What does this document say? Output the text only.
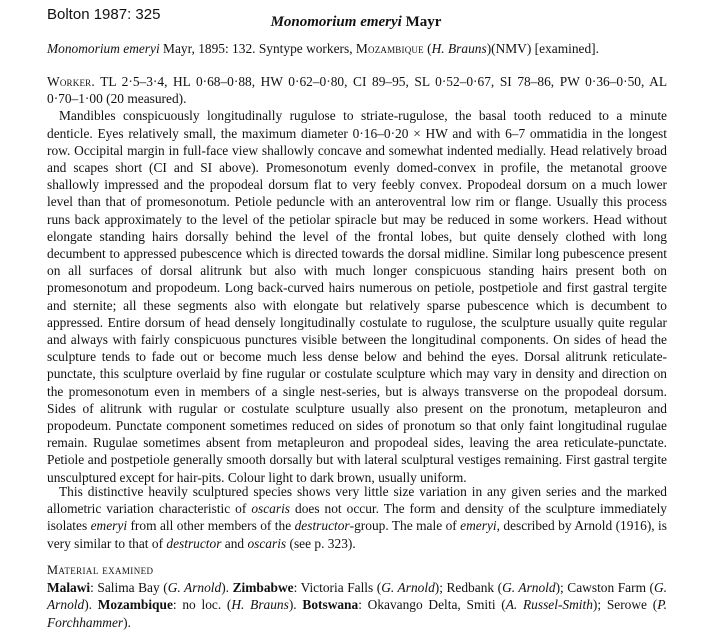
Bolton 1987: 325	Monomorium emeryi Mayr
Monomorium emeryi Mayr, 1895: 132. Syntype workers, Mozambique (H. Brauns)(NMV) [examined].
Worker. TL 2·5–3·4, HL 0·68–0·88, HW 0·62–0·80, CI 89–95, SL 0·52–0·67, SI 78–86, PW 0·36–0·50, AL 0·70–1·00 (20 measured).
Mandibles conspicuously longitudinally rugulose to striate-rugulose, the basal tooth reduced to a minute denticle. Eyes relatively small, the maximum diameter 0·16–0·20 × HW and with 6–7 ommatidia in the longest row. Occipital margin in full-face view shallowly concave and somewhat indented medially. Head relatively broad and scapes short (CI and SI above). Promesonotum evenly domed-convex in profile, the metanotal groove shallowly impressed and the propodeal dorsum flat to very feebly convex. Propodeal dorsum on a much lower level than that of promesonotum. Petiole peduncle with an anteroventral low rim or flange. Usually this process runs back approximately to the level of the petiolar spiracle but may be reduced in some workers. Head without elongate standing hairs dorsally behind the level of the frontal lobes, but quite densely clothed with long decumbent to appressed pubescence which is directed towards the dorsal midline. Similar long pubescence present on all surfaces of dorsal alitrunk but also with much longer conspicuous standing hairs present both on promesonotum and propodeum. Long back-curved hairs numerous on petiole, postpetiole and first gastral tergite and sternite; all these segments also with elongate but relatively sparse pubescence which is decumbent to appressed. Entire dorsum of head densely longitudinally costulate to rugulose, the sculpture usually quite regular and always with fairly conspicuous punctures visible between the longitudinal components. On sides of head the sculpture tends to fade out or become much less dense below and behind the eyes. Dorsal alitrunk reticulate-punctate, this sculpture overlaid by fine rugular or costulate sculpture which may vary in density and direction on the promesonotum even in members of a single nest-series, but is always transverse on the propodeal dorsum. Sides of alitrunk with rugular or costulate sculpture usually also present on the pronotum, metapleuron and propodeum. Punctate component sometimes reduced on sides of pronotum so that only faint longitudinal rugulae remain. Rugulae sometimes absent from metapleuron and propodeal sides, leaving the area reticulate-punctate. Petiole and postpetiole generally smooth dorsally but with lateral sculptural vestiges remaining. First gastral tergite unsculptured except for hair-pits. Colour light to dark brown, usually uniform.
This distinctive heavily sculptured species shows very little size variation in any given series and the marked allometric variation characteristic of oscaris does not occur. The form and density of the sculpture immediately isolates emeryi from all other members of the destructor-group. The male of emeryi, described by Arnold (1916), is very similar to that of destructor and oscaris (see p. 323).
Material examined
Malawi: Salima Bay (G. Arnold). Zimbabwe: Victoria Falls (G. Arnold); Redbank (G. Arnold); Cawston Farm (G. Arnold). Mozambique: no loc. (H. Brauns). Botswana: Okavango Delta, Smiti (A. Russel-Smith); Serowe (P. Forchhammer).
